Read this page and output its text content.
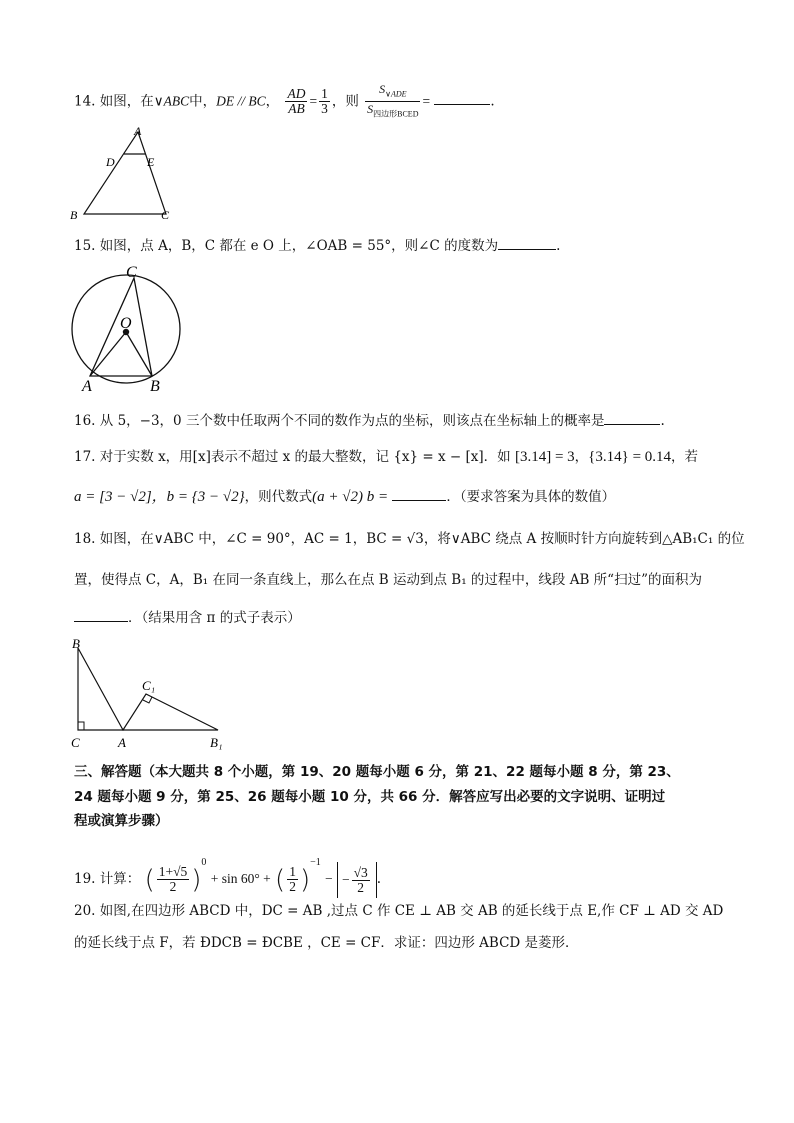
14. 如图，在∨ABC中，DE // BC， $\frac{AD}{AB} = \frac{1}{3}$ ，则 $\frac{S_{\vee ADE}}{S_{四边形BCED}}$ =	.
A
D	E
B	C
15. 如图，点 A，B，C 都在 e O 上，∠OAB = 55°，则∠C 的度数为	.
C
O
A	B
16. 从 5，−3，0 三个数中任取两个不同的数作为点的坐标，则该点在坐标轴上的概率是	.
17. 对于实数 x，用[x]表示不超过 x 的最大整数，记 {x} = x − [x]．如 [3.14] = 3，{3.14} = 0.14，若
a = [3 − √2]，b = {3 − √2}，则代数式(a + √2) b =	．（要求答案为具体的数值）
18. 如图，在∨ABC 中，∠C = 90°，AC = 1，BC = √3，将∨ABC 绕点 A 按顺时针方向旋转到△AB₁C₁ 的位
置，使得点 C，A，B₁ 在同一条直线上，那么在点 B 运动到点 B₁ 的过程中，线段 AB 所“扫过”的面积为
．（结果用含 π 的式子表示）
B
C₁
C	A	B₁
三、解答题（本大题共 8 个小题，第 19、20 题每小题 6 分，第 21、22 题每小题 8 分，第 23、
24 题每小题 9 分，第 25、26 题每小题 10 分，共 66 分．解答应写出必要的文字说明、证明过
程或演算步骤）
19. 计算： ( $\frac{1+√5}{2} )^0 + \sin 60^\circ$ + ( $\frac{1}{2} )^{-1}$ − − $\frac{√3}{2}$ .
20. 如图,在四边形 ABCD 中，DC = AB ,过点 C 作 CE ⊥ AB 交 AB 的延长线于点 E,作 CF ⊥ AD 交 AD
的延长线于点 F，若 ÐDCB = ÐCBE ，CE = CF．求证：四边形 ABCD 是菱形．
